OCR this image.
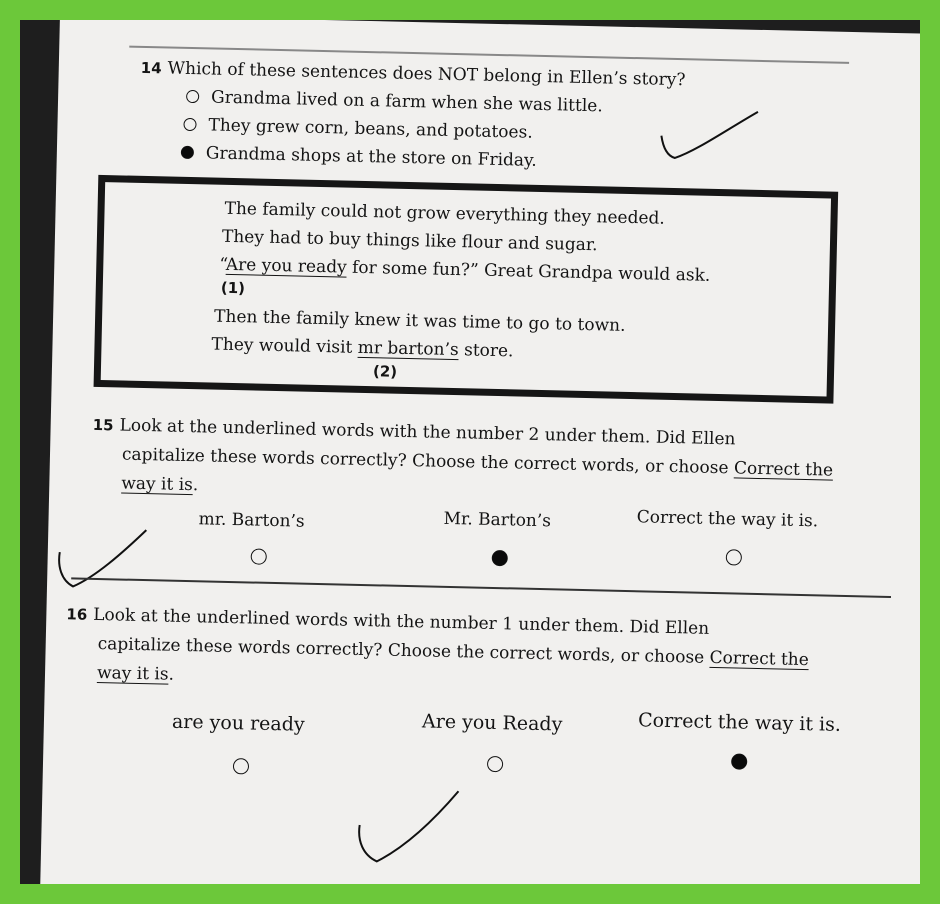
14 Which of these sentences does NOT belong in Ellen’s story?
Grandma lived on a farm when she was little.
They grew corn, beans, and potatoes.
Grandma shops at the store on Friday.
The family could not grow everything they needed.
They had to buy things like flour and sugar.
“Are you ready for some fun?” Great Grandpa would ask.
(1)
Then the family knew it was time to go to town.
They would visit mr barton’s store.
(2)
15 Look at the underlined words with the number 2 under them. Did Ellen
capitalize these words correctly? Choose the correct words, or choose Correct the
way it is.
mr. Barton’s	Mr. Barton’s	Correct the way it is.
16 Look at the underlined words with the number 1 under them. Did Ellen
capitalize these words correctly? Choose the correct words, or choose Correct the
way it is.
are you ready	Are you Ready	Correct the way it is.
